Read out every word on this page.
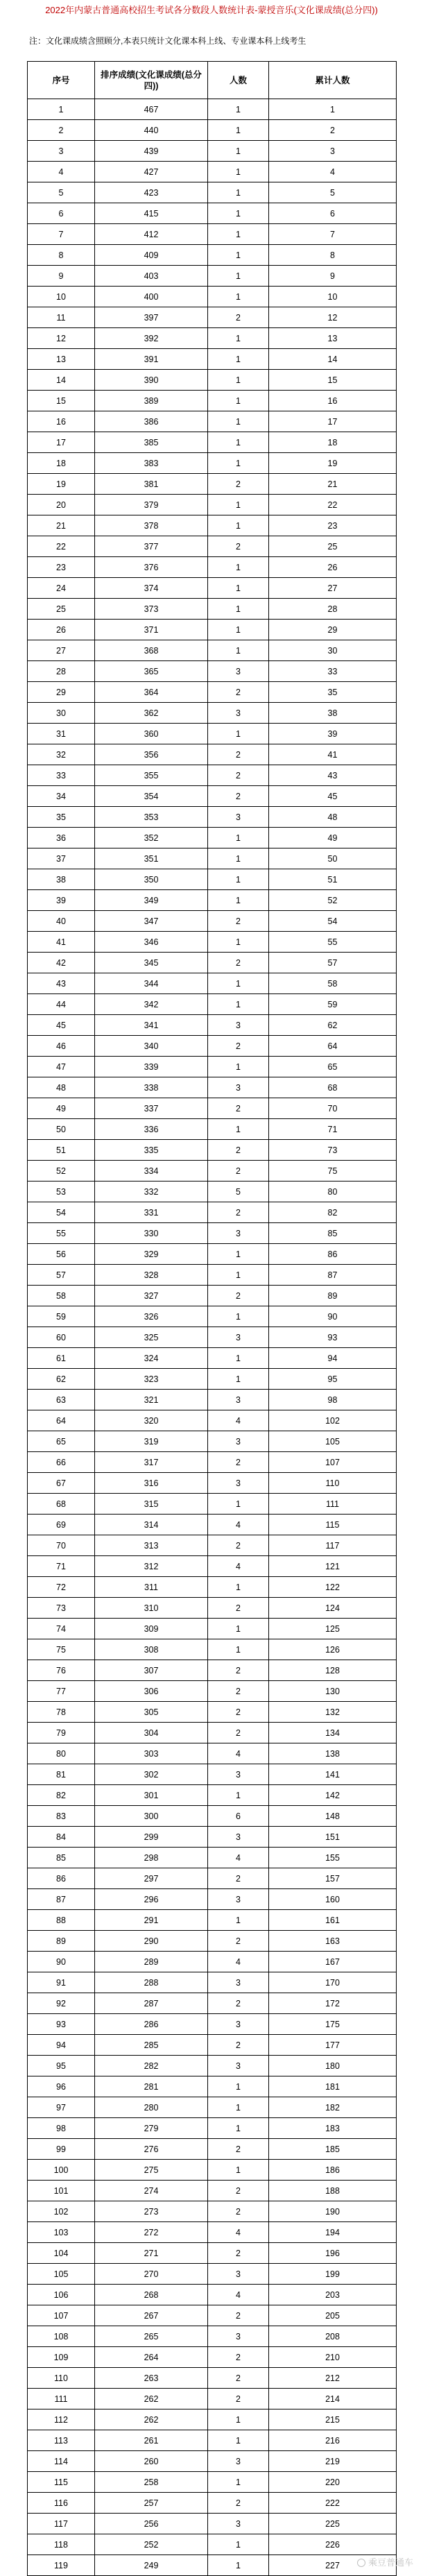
2022年内蒙古普通高校招生考试各分数段人数统计表-蒙授音乐(文化课成绩(总分四))
注：文化课成绩含照顾分,本表只统计文化课本科上线、专业课本科上线考生
序号	排序成绩(文化课成绩(总分四))	人数	累计人数
1	467	1	1
2	440	1	2
3	439	1	3
4	427	1	4
5	423	1	5
6	415	1	6
7	412	1	7
8	409	1	8
9	403	1	9
10	400	1	10
11	397	2	12
12	392	1	13
13	391	1	14
14	390	1	15
15	389	1	16
16	386	1	17
17	385	1	18
18	383	1	19
19	381	2	21
20	379	1	22
21	378	1	23
22	377	2	25
23	376	1	26
24	374	1	27
25	373	1	28
26	371	1	29
27	368	1	30
28	365	3	33
29	364	2	35
30	362	3	38
31	360	1	39
32	356	2	41
33	355	2	43
34	354	2	45
35	353	3	48
36	352	1	49
37	351	1	50
38	350	1	51
39	349	1	52
40	347	2	54
41	346	1	55
42	345	2	57
43	344	1	58
44	342	1	59
45	341	3	62
46	340	2	64
47	339	1	65
48	338	3	68
49	337	2	70
50	336	1	71
51	335	2	73
52	334	2	75
53	332	5	80
54	331	2	82
55	330	3	85
56	329	1	86
57	328	1	87
58	327	2	89
59	326	1	90
60	325	3	93
61	324	1	94
62	323	1	95
63	321	3	98
64	320	4	102
65	319	3	105
66	317	2	107
67	316	3	110
68	315	1	111
69	314	4	115
70	313	2	117
71	312	4	121
72	311	1	122
73	310	2	124
74	309	1	125
75	308	1	126
76	307	2	128
77	306	2	130
78	305	2	132
79	304	2	134
80	303	4	138
81	302	3	141
82	301	1	142
83	300	6	148
84	299	3	151
85	298	4	155
86	297	2	157
87	296	3	160
88	291	1	161
89	290	2	163
90	289	4	167
91	288	3	170
92	287	2	172
93	286	3	175
94	285	2	177
95	282	3	180
96	281	1	181
97	280	1	182
98	279	1	183
99	276	2	185
100	275	1	186
101	274	2	188
102	273	2	190
103	272	4	194
104	271	2	196
105	270	3	199
106	268	4	203
107	267	2	205
108	265	3	208
109	264	2	210
110	263	2	212
111	262	2	214
112	262	1	215
113	261	1	216
114	260	3	219
115	258	1	220
116	257	2	222
117	256	3	225
118	252	1	226
119	249	1	227	乘豆普通车
